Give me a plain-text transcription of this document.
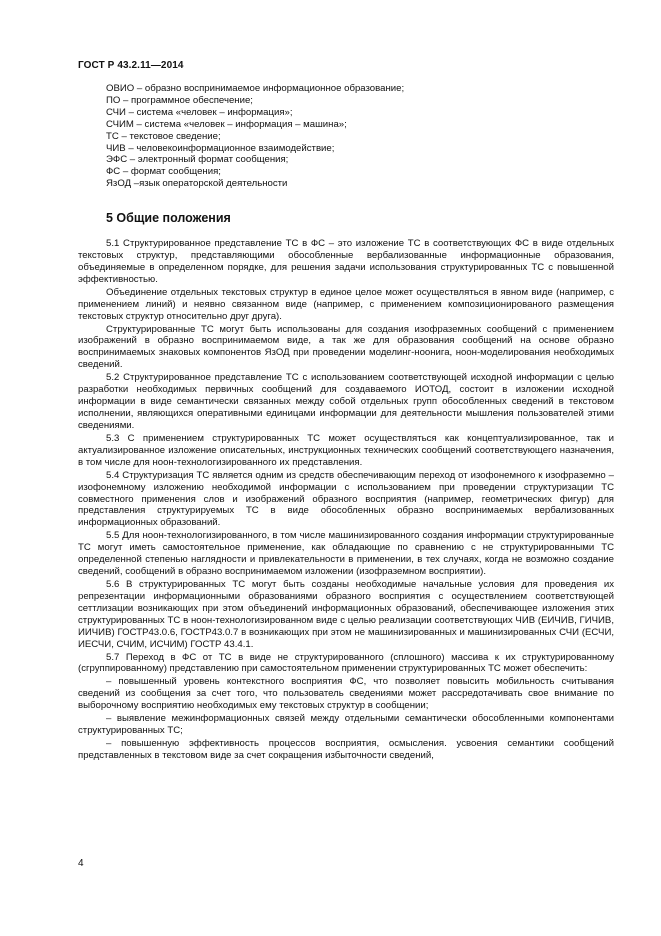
ГОСТ Р 43.2.11—2014
ОВИО – образно воспринимаемое информационное образование;
ПО – программное обеспечение;
СЧИ – система «человек – информация»;
СЧИМ – система «человек – информация – машина»;
ТС – текстовое сведение;
ЧИВ – человекоинформационное взаимодействие;
ЭФС – электронный формат сообщения;
ФС – формат сообщения;
ЯзОД –язык операторской деятельности
5 Общие положения

5.1 Структурированное представление ТС в ФС – это изложение ТС в соответствующих ФС в виде отдельных текстовых структур, представляющими обособленные вербализованные информационные образования, объединяемые в определенном порядке, для решения задачи использования структурированных ТС с повышенной эффективностью.

Объединение отдельных текстовых структур в единое целое может осуществляться в явном виде (например, с применением линий) и неявно связанном виде (например, с применением композиционированого размещения текстовых структур относительно друг друга).

Структурированные ТС могут быть использованы для создания изофраземных сообщений с применением изображений в образно воспринимаемом виде, а так же для образования сообщений на основе образно воспринимаемых знаковых компонентов ЯзОД при проведении моделинг-ноонига, ноон-моделирования необходимых сведений.

5.2 Структурированное представление ТС с использованием соответствующей исходной информации с целью разработки необходимых первичных сообщений для создаваемого ИОТОД, состоит в изложении исходной информации в виде семантически связанных между собой отдельных групп обособленных сведений в текстовом исполнении, являющихся оперативными единицами информации для деятельности мышления пользователей этими сведениями.

5.3 С применением структурированных ТС может осуществляться как концептуализированное, так и актуализированное изложение описательных, инструкционных технических сообщений соответствующего назначения, в том числе для ноон-технологизированного их представления.

5.4 Структуризация ТС является одним из средств обеспечивающим переход от изофонемного к изофраземно – изофонемному изложению необходимой информации с использованием при проведении структуризации ТС совместного применения слов и изображений образного восприятия (например, геометрических фигур) для представления структурируемых ТС в виде обособленных образно воспринимаемых вербализованных информационных образований.

5.5 Для ноон-технологизированного, в том числе машинизированного создания информации структурированные ТС могут иметь самостоятельное применение, как обладающие по сравнению с не структурированными ТС определенной степенью наглядности и привлекательности в применении, в тех случаях, когда не возможно создание сведений, сообщений в образно воспринимаемом изложении (изофраземном восприятии).

5.6 В структурированных ТС могут быть созданы необходимые начальные условия для проведения их репрезентации информационными образованиями образного восприятия с осуществлением соответствующей сеттлизации возникающих при этом объединений информационных образований, обеспечивающее изложения этих структурированных ТС в ноон-технологизированном виде с целью реализации соответствующих ЧИВ (ЕИЧИВ, ГИЧИВ, ИИЧИВ) ГОСТР43.0.6, ГОСТР43.0.7 в возникающих при этом не машинизированных и машинизированных СЧИ (ЕСЧИ, ИЕСЧИ, СЧИМ, ИСЧИМ) ГОСТР 43.4.1.

5.7 Переход в ФС от ТС в виде не структурированного (сплошного) массива к их структурированному (сгруппированному) представлению при самостоятельном применении структурированных ТС может обеспечить:

– повышенный уровень контекстного восприятия ФС, что позволяет повысить мобильность считывания сведений из сообщения за счет того, что пользователь сведениями может рассредотачивать свое внимание по выборочному восприятию необходимых ему текстовых структур в сообщении;

– выявление межинформационных связей между отдельными семантически обособленными компонентами структурированных ТС;

– повышенную эффективность процессов восприятия, осмысления. усвоения семантики сообщений представленных в текстовом виде за счет сокращения избыточности сведений,

4
